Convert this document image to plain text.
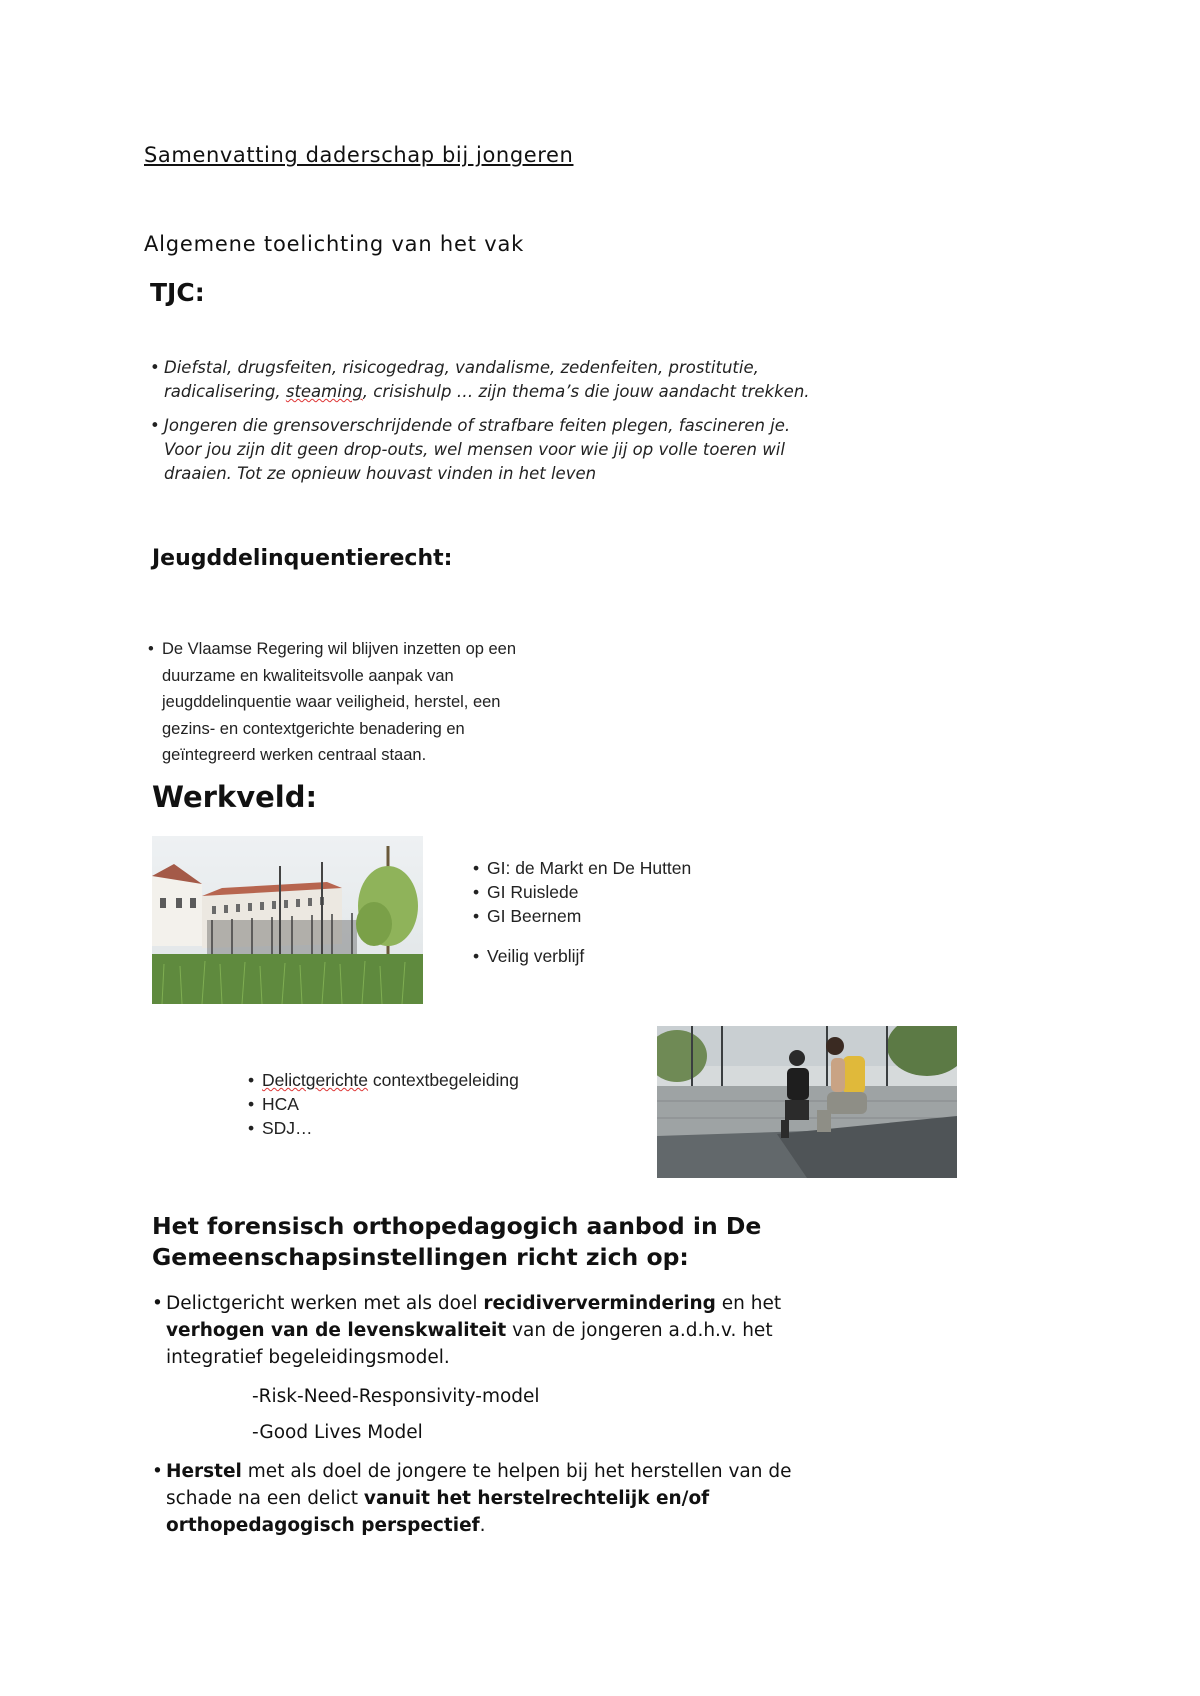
Samenvatting daderschap bij jongeren
Algemene toelichting van het vak
TJC:
• Diefstal, drugsfeiten, risicogedrag, vandalisme, zedenfeiten, prostitutie, radicalisering, steaming, crisishulp … zijn thema’s die jouw aandacht trekken.
• Jongeren die grensoverschrijdende of strafbare feiten plegen, fascineren je. Voor jou zijn dit geen drop-outs, wel mensen voor wie jij op volle toeren wil draaien. Tot ze opnieuw houvast vinden in het leven
Jeugddelinquentierecht:
• De Vlaamse Regering wil blijven inzetten op een duurzame en kwaliteitsvolle aanpak van jeugddelinquentie waar veiligheid, herstel, een gezins- en contextgerichte benadering en geïntegreerd werken centraal staan.
Werkveld:
• GI: de Markt en De Hutten
• GI Ruislede
• GI Beernem
• Veilig verblijf
• Delictgerichte contextbegeleiding
• HCA
• SDJ…
Het forensisch orthopedagogich aanbod in De Gemeenschapsinstellingen richt zich op:
• Delictgericht werken met als doel recidiververmindering en het verhogen van de levenskwaliteit van de jongeren a.d.h.v. het integratief begeleidingsmodel.
-Risk-Need-Responsivity-model
-Good Lives Model
• Herstel met als doel de jongere te helpen bij het herstellen van de schade na een delict vanuit het herstelrechtelijk en/of orthopedagogisch perspectief.
